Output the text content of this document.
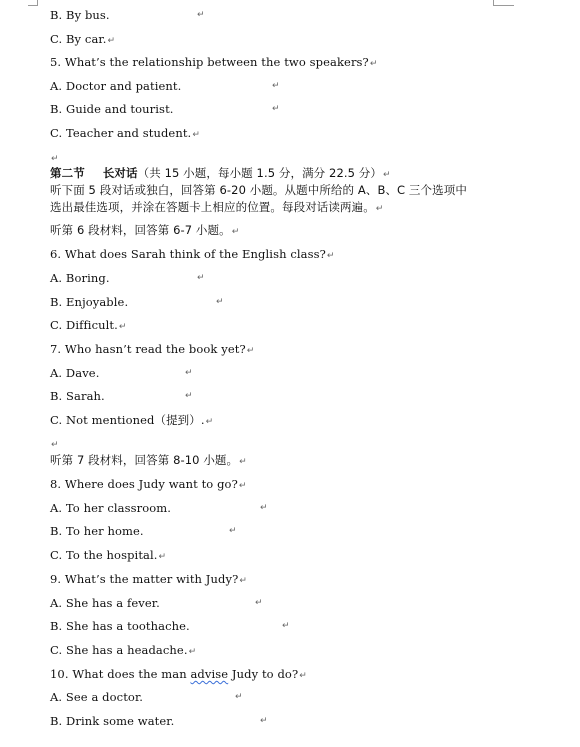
B. By bus.	↵
C. By car.↵
5. What’s the relationship between the two speakers?↵
A. Doctor and patient.	↵
B. Guide and tourist.	↵
C. Teacher and student.↵
↵
第二节 长对话（共 15 小题，每小题 1.5 分，满分 22.5 分）↵
听下面 5 段对话或独白，回答第 6-20 小题。从题中所给的 A、B、C 三个选项中
选出最佳选项，并涂在答题卡上相应的位置。每段对话读两遍。↵
听第 6 段材料，回答第 6-7 小题。↵
6. What does Sarah think of the English class?↵
A. Boring.	↵
B. Enjoyable.	↵
C. Difficult.↵
7. Who hasn’t read the book yet?↵
A. Dave.	↵
B. Sarah.	↵
C. Not mentioned（提到）.↵
↵
听第 7 段材料，回答第 8-10 小题。↵
8. Where does Judy want to go?↵
A. To her classroom.	↵
B. To her home.	↵
C. To the hospital.↵
9. What’s the matter with Judy?↵
A. She has a fever.	↵
B. She has a toothache.	↵
C. She has a headache.↵
10. What does the man advise Judy to do?↵
A. See a doctor.	↵
B. Drink some water.	↵
